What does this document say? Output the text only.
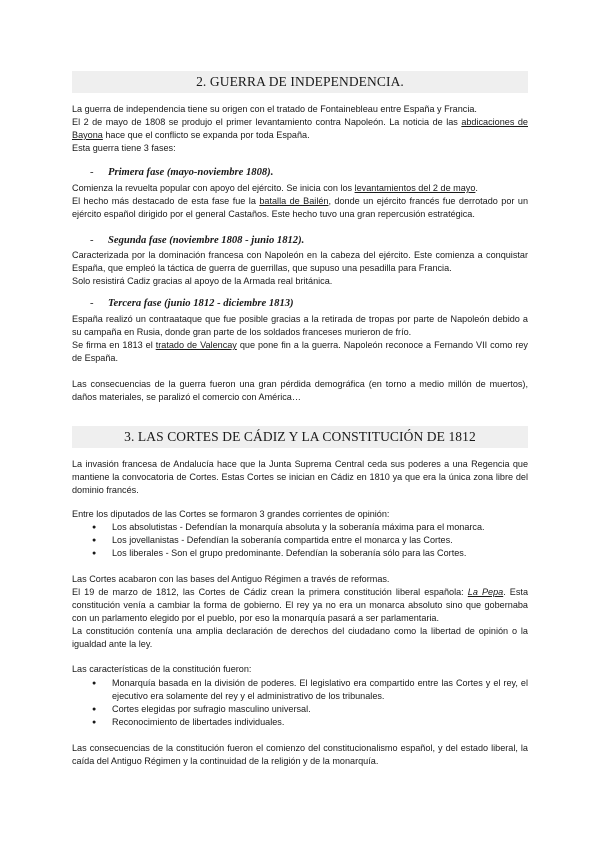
2. GUERRA DE INDEPENDENCIA.

La guerra de independencia tiene su origen con el tratado de Fontainebleau entre España y Francia.

El 2 de mayo de 1808 se produjo el primer levantamiento contra Napoleón. La noticia de las abdicaciones de Bayona hace que el conflicto se expanda por toda España.

Esta guerra tiene 3 fases:

- Primera fase (mayo-noviembre 1808).

Comienza la revuelta popular con apoyo del ejército. Se inicia con los levantamientos del 2 de mayo.

El hecho más destacado de esta fase fue la batalla de Bailén, donde un ejército francés fue derrotado por un ejército español dirigido por el general Castaños. Este hecho tuvo una gran repercusión estratégica.

- Segunda fase (noviembre 1808 - junio 1812).

Caracterizada por la dominación francesa con Napoleón en la cabeza del ejército. Este comienza a conquistar España, que empleó la táctica de guerra de guerrillas, que supuso una pesadilla para Francia.

Solo resistirá Cadiz gracias al apoyo de la Armada real británica.

- Tercera fase (junio 1812 - diciembre 1813)

España realizó un contraataque que fue posible gracias a la retirada de tropas por parte de Napoleón debido a su campaña en Rusia, donde gran parte de los soldados franceses murieron de frío.

Se firma en 1813 el tratado de Valencay que pone fin a la guerra. Napoleón reconoce a Fernando VII como rey de España.

Las consecuencias de la guerra fueron una gran pérdida demográfica (en torno a medio millón de muertos), daños materiales, se paralizó el comercio con América…

3. LAS CORTES DE CÁDIZ Y LA CONSTITUCIÓN DE 1812

La invasión francesa de Andalucía hace que la Junta Suprema Central ceda sus poderes a una Regencia que mantiene la convocatoria de Cortes. Estas Cortes se inician en Cádiz en 1810 ya que era la única zona libre del dominio francés.

Entre los diputados de las Cortes se formaron 3 grandes corrientes de opinión:

● Los absolutistas - Defendían la monarquía absoluta y la soberanía máxima para el monarca.
● Los jovellanistas - Defendían la soberanía compartida entre el monarca y las Cortes.
● Los liberales - Son el grupo predominante. Defendían la soberanía sólo para las Cortes.

Las Cortes acabaron con las bases del Antiguo Régimen a través de reformas.

El 19 de marzo de 1812, las Cortes de Cádiz crean la primera constitución liberal española: La Pepa. Esta constitución venía a cambiar la forma de gobierno. El rey ya no era un monarca absoluto sino que gobernaba con un parlamento elegido por el pueblo, por eso la monarquía pasará a ser parlamentaria.

La constitución contenía una amplia declaración de derechos del ciudadano como la libertad de opinión o la igualdad ante la ley.

Las características de la constitución fueron:

● Monarquía basada en la división de poderes. El legislativo era compartido entre las Cortes y el rey, el ejecutivo era solamente del rey y el administrativo de los tribunales.
● Cortes elegidas por sufragio masculino universal.
● Reconocimiento de libertades individuales.

Las consecuencias de la constitución fueron el comienzo del constitucionalismo español, y del estado liberal, la caída del Antiguo Régimen y la continuidad de la religión y de la monarquía.
